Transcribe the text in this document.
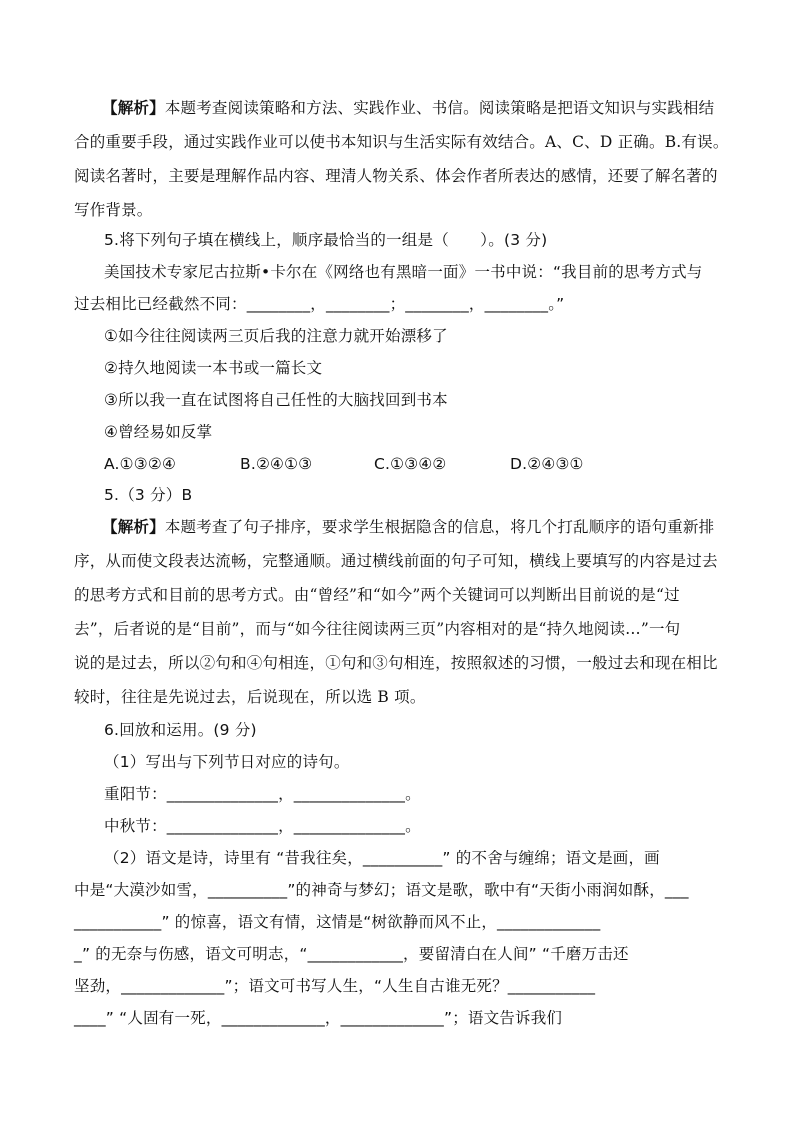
【解析】本题考查阅读策略和方法、实践作业、书信。阅读策略是把语文知识与实践相结
合的重要手段，通过实践作业可以使书本知识与生活实际有效结合。A、C、D 正确。B.有误。
阅读名著时，主要是理解作品内容、理清人物关系、体会作者所表达的感情，还要了解名著的
写作背景。
5.将下列句子填在横线上，顺序最恰当的一组是（　　）。(3 分)
美国技术专家尼古拉斯•卡尔在《网络也有黑暗一面》一书中说：“我目前的思考方式与
过去相比已经截然不同：________，________；________，________。”
①如今往往阅读两三页后我的注意力就开始漂移了
②持久地阅读一本书或一篇长文
③所以我一直在试图将自己任性的大脑找回到书本
④曾经易如反掌
A.①③②④	B.②④①③	C.①③④②	D.②④③①
5.（3 分）B
【解析】本题考查了句子排序，要求学生根据隐含的信息，将几个打乱顺序的语句重新排
序，从而使文段表达流畅，完整通顺。通过横线前面的句子可知，横线上要填写的内容是过去
的思考方式和目前的思考方式。由“曾经”和“如今”两个关键词可以判断出目前说的是“过
去”，后者说的是“目前”，而与“如今往往阅读两三页”内容相对的是“持久地阅读…”一句
说的是过去，所以②句和④句相连，①句和③句相连，按照叙述的习惯，一般过去和现在相比
较时，往往是先说过去，后说现在，所以选 B 项。
6.回放和运用。(9 分)
（1）写出与下列节日对应的诗句。
重阳节：______________，______________。
中秋节：______________，______________。
（2）语文是诗，诗里有 “昔我往矣，__________” 的不舍与缠绵；语文是画，画
中是“大漠沙如雪，__________”的神奇与梦幻；语文是歌，歌中有“天街小雨润如酥，___
___________” 的惊喜，语文有情，这情是“树欲静而风不止，_____________
_” 的无奈与伤感，语文可明志，“____________，要留清白在人间” “千磨万击还
坚劲，_____________”；语文可书写人生，“人生自古谁无死？___________
____” “人固有一死，_____________，_____________”；语文告诉我们
